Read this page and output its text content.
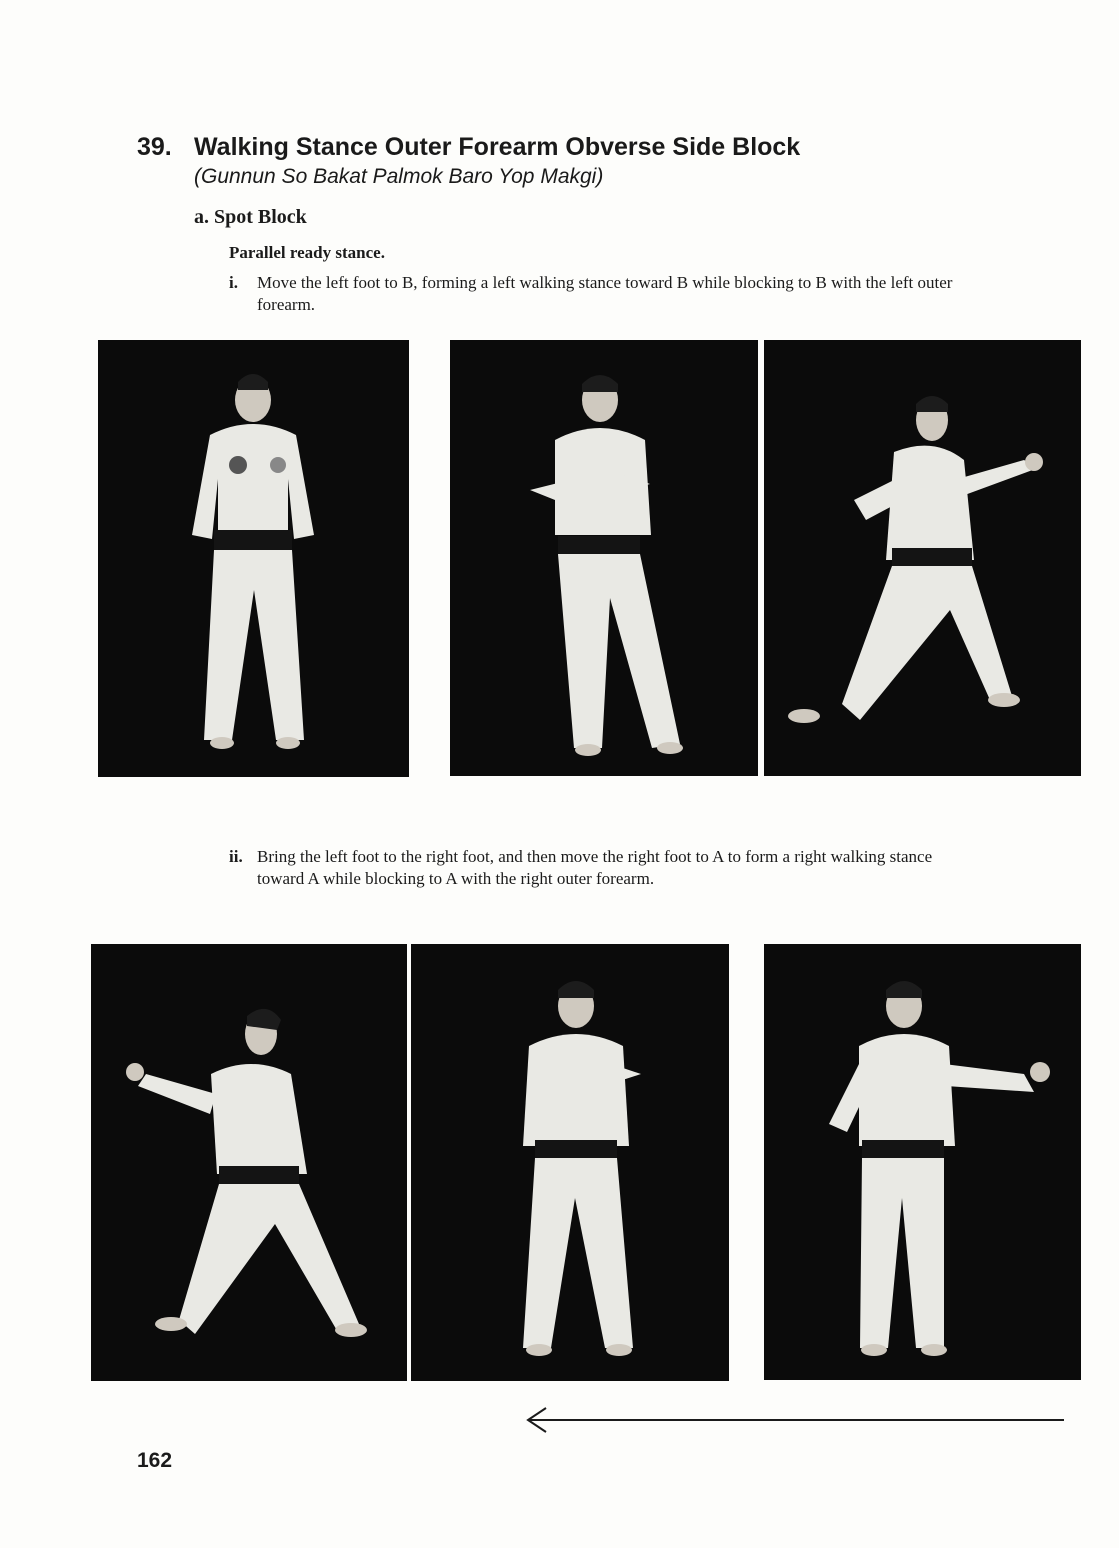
39. Walking Stance Outer Forearm Obverse Side Block
(Gunnun So Bakat Palmok Baro Yop Makgi)
a. Spot Block
Parallel ready stance.
i. Move the left foot to B, forming a left walking stance toward B while blocking to B with the left outer forearm.
ii. Bring the left foot to the right foot, and then move the right foot to A to form a right walking stance toward A while blocking to A with the right outer forearm.
162
